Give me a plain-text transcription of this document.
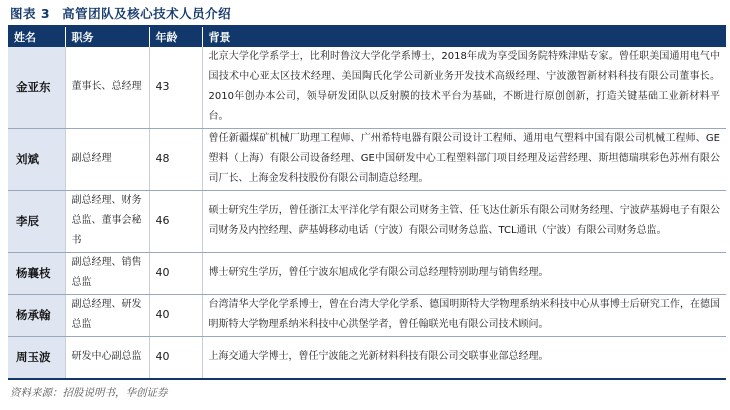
图表 3 高管团队及核心技术人员介绍
姓名	职务	年龄	背景
金亚东	董事长、总经理	43	北京大学化学系学士，比利时鲁汶大学化学系博士，2018年成为享受国务院特殊津贴专家。曾任职美国通用电气中国技术中心亚太区技术经理、美国陶氏化学公司新业务开发技术高级经理、宁波激智新材料科技有限公司董事长。2010年创办本公司，领导研发团队以反射膜的技术平台为基础，不断进行原创创新，打造关键基础工业新材料平台。
刘斌	副总经理	48	曾任新疆煤矿机械厂助理工程师、广州希特电器有限公司设计工程师、通用电气塑料中国有限公司机械工程师、GE塑料（上海）有限公司设备经理、GE中国研发中心工程塑料部门项目经理及运营经理、斯坦德瑞琪彩色苏州有限公司厂长、上海金发科技股份有限公司制造总经理。
李辰	副总经理、财务总监、董事会秘书	46	硕士研究生学历，曾任浙江太平洋化学有限公司财务主管、任飞达仕新乐有限公司财务经理、宁波萨基姆电子有限公司财务及内控经理、萨基姆移动电话（宁波）有限公司财务总监、TCL通讯（宁波）有限公司财务总监。
杨襄枝	副总经理、销售总监	40	博士研究生学历，曾任宁波东旭成化学有限公司总经理特别助理与销售经理。
杨承翰	副总经理、研发总监	40	台湾清华大学化学系博士，曾在台湾大学化学系、德国明斯特大学物理系纳米科技中心从事博士后研究工作，在德国明斯特大学物理系纳米科技中心洪堡学者，曾任翰联光电有限公司技术顾问。
周玉波	研发中心副总监	40	上海交通大学博士，曾任宁波能之光新材料科技有限公司交联事业部总经理。
资料来源：招股说明书，华创证券
